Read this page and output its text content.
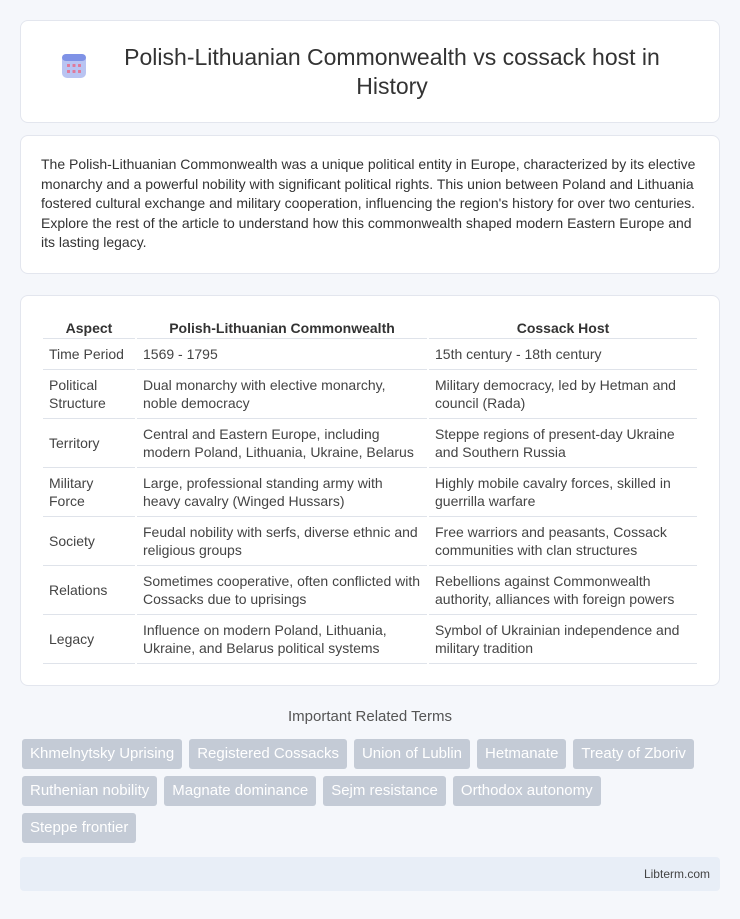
Polish-Lithuanian Commonwealth vs cossack host in History

The Polish-Lithuanian Commonwealth was a unique political entity in Europe, characterized by its elective monarchy and a powerful nobility with significant political rights. This union between Poland and Lithuania fostered cultural exchange and military cooperation, influencing the region's history for over two centuries. Explore the rest of the article to understand how this commonwealth shaped modern Eastern Europe and its lasting legacy.

Aspect	Polish-Lithuanian Commonwealth	Cossack Host
Time Period	1569 - 1795	15th century - 18th century
Political Structure	Dual monarchy with elective monarchy, noble democracy	Military democracy, led by Hetman and council (Rada)
Territory	Central and Eastern Europe, including modern Poland, Lithuania, Ukraine, Belarus	Steppe regions of present-day Ukraine and Southern Russia
Military Force	Large, professional standing army with heavy cavalry (Winged Hussars)	Highly mobile cavalry forces, skilled in guerrilla warfare
Society	Feudal nobility with serfs, diverse ethnic and religious groups	Free warriors and peasants, Cossack communities with clan structures
Relations	Sometimes cooperative, often conflicted with Cossacks due to uprisings	Rebellions against Commonwealth authority, alliances with foreign powers
Legacy	Influence on modern Poland, Lithuania, Ukraine, and Belarus political systems	Symbol of Ukrainian independence and military tradition
Important Related Terms
Khmelnytsky Uprising	Registered Cossacks	Union of Lublin	Hetmanate	Treaty of Zboriv
Ruthenian nobility	Magnate dominance	Sejm resistance	Orthodox autonomy
Steppe frontier
Libterm.com
